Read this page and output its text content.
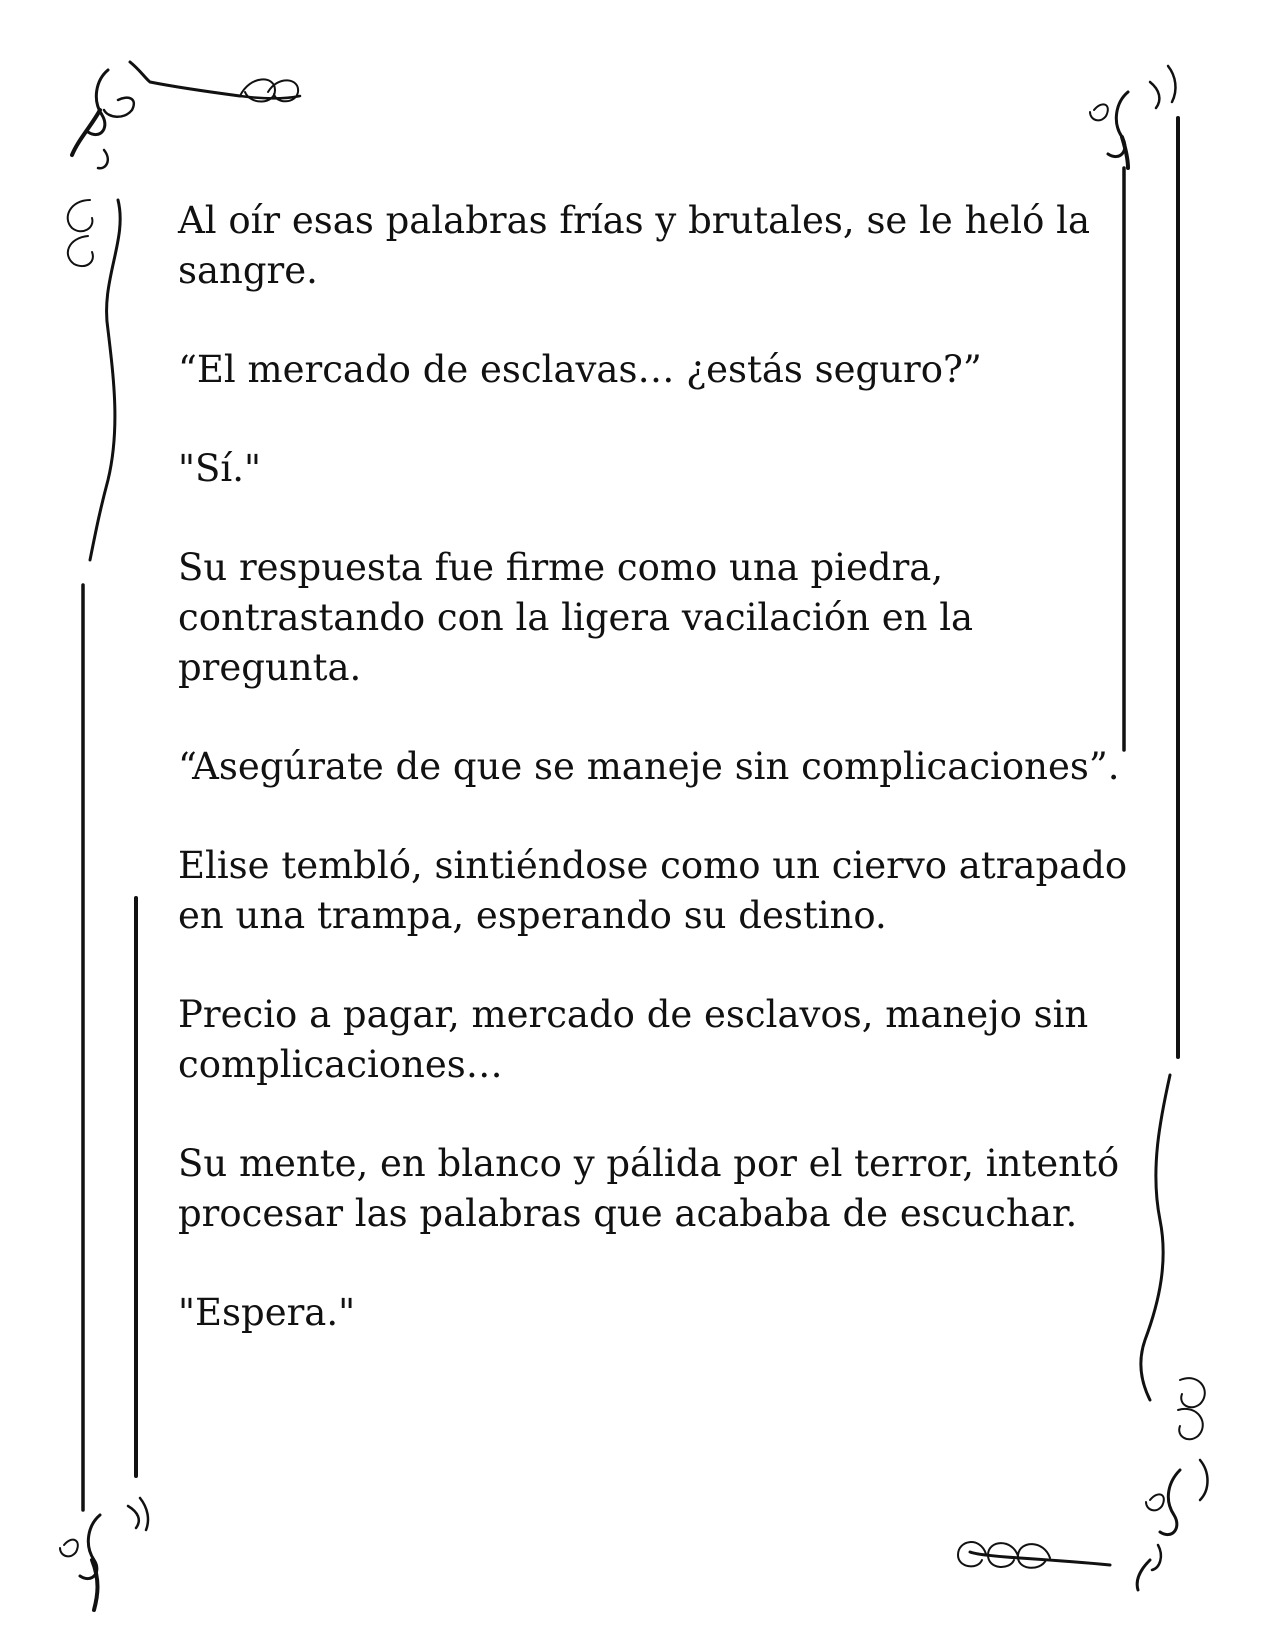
Al oír esas palabras frías y brutales, se le heló la sangre.

“El mercado de esclavas… ¿estás seguro?”

"Sí."

Su respuesta fue firme como una piedra, contrastando con la ligera vacilación en la pregunta.

“Asegúrate de que se maneje sin complicaciones”.

Elise tembló, sintiéndose como un ciervo atrapado en una trampa, esperando su destino.

Precio a pagar, mercado de esclavos, manejo sin complicaciones…

Su mente, en blanco y pálida por el terror, intentó procesar las palabras que acababa de escuchar.

"Espera."
